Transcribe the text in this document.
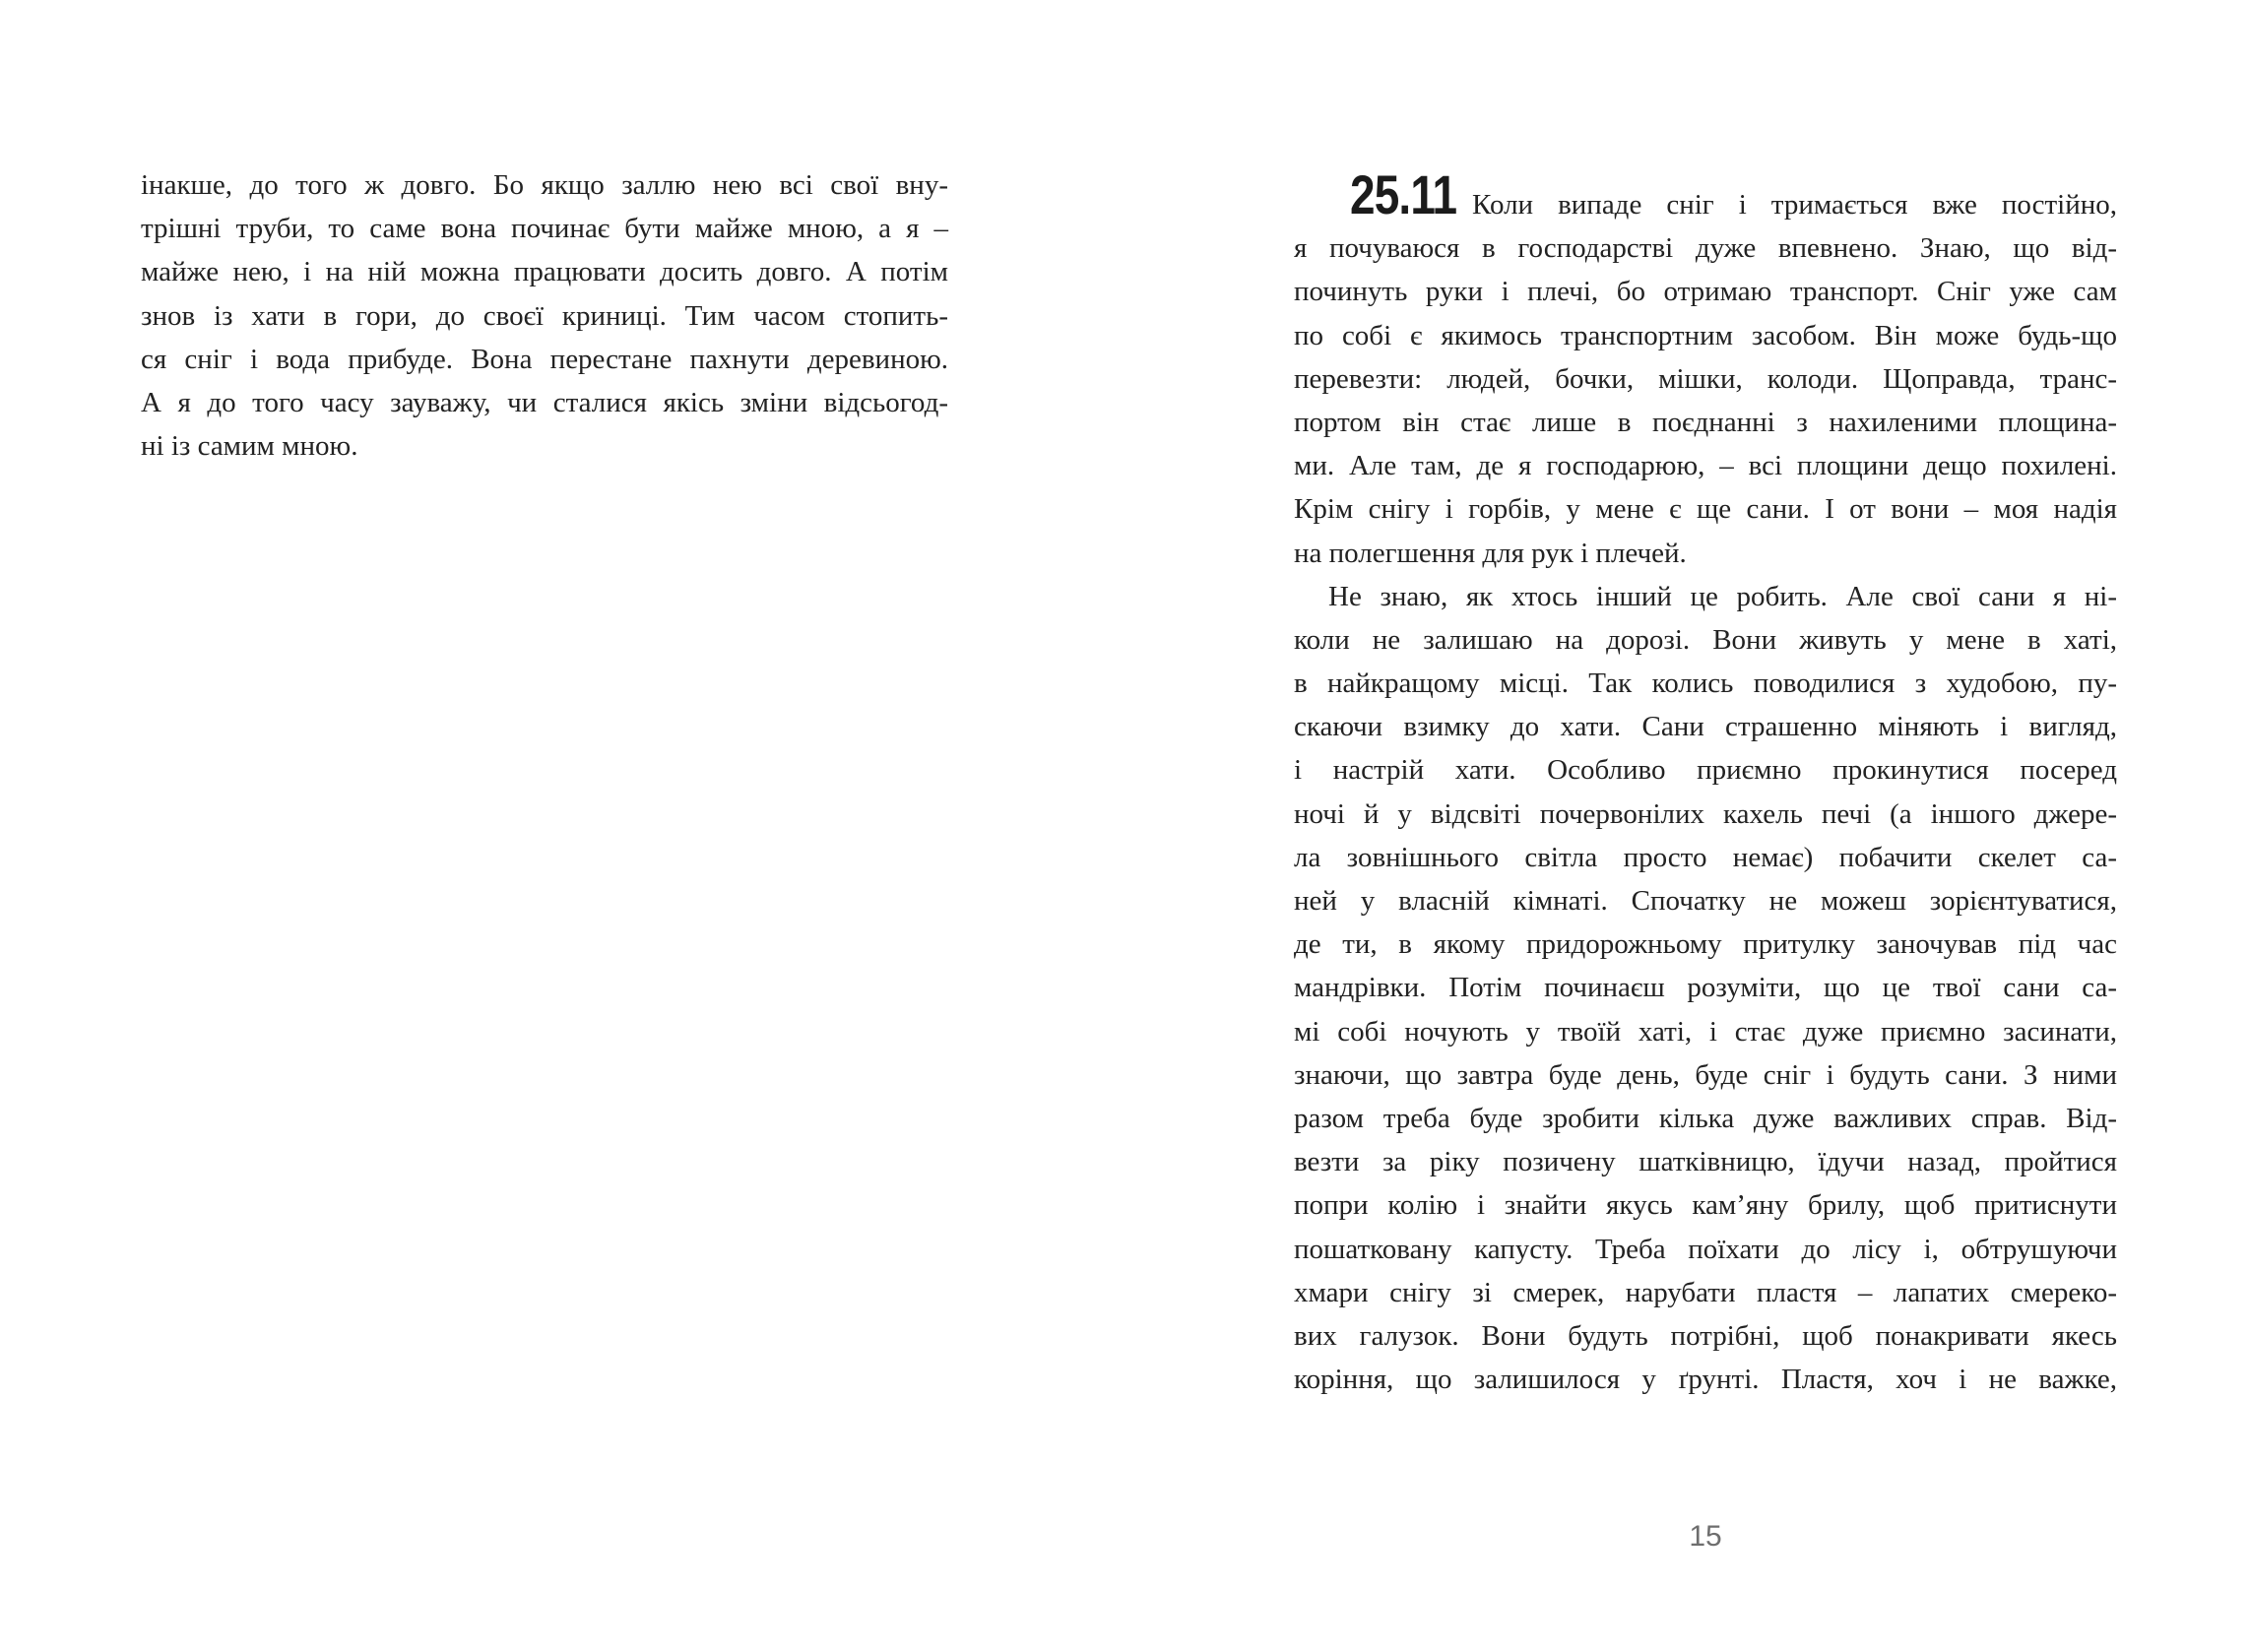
інакше, до того ж довго. Бо якщо заллю нею всі свої вну-
трішні труби, то саме вона починає бути майже мною, а я –
майже нею, і на ній можна працювати досить довго. А потім
знов із хати в гори, до своєї криниці. Тим часом стопить-
ся сніг і вода прибуде. Вона перестане пахнути деревиною.
А я до того часу зауважу, чи сталися якісь зміни відсьогод-
ні із самим мною.
25.11 Коли випаде сніг і тримається вже постійно,
я почуваюся в господарстві дуже впевнено. Знаю, що від-
починуть руки і плечі, бо отримаю транспорт. Сніг уже сам
по собі є якимось транспортним засобом. Він може будь-що
перевезти: людей, бочки, мішки, колоди. Щоправда, транс-
портом він стає лише в поєднанні з нахиленими площина-
ми. Але там, де я господарюю, – всі площини дещо похилені.
Крім снігу і горбів, у мене є ще сани. І от вони – моя надія
на полегшення для рук і плечей.
Не знаю, як хтось інший це робить. Але свої сани я ні-
коли не залишаю на дорозі. Вони живуть у мене в хаті,
в найкращому місці. Так колись поводилися з худобою, пу-
скаючи взимку до хати. Сани страшенно міняють і вигляд,
і настрій хати. Особливо приємно прокинутися посеред
ночі й у відсвіті почервонілих кахель печі (а іншого джере-
ла зовнішнього світла просто немає) побачити скелет са-
ней у власній кімнаті. Спочатку не можеш зорієнтуватися,
де ти, в якому придорожньому притулку заночував під час
мандрівки. Потім починаєш розуміти, що це твої сани са-
мі собі ночують у твоїй хаті, і стає дуже приємно засинати,
знаючи, що завтра буде день, буде сніг і будуть сани. З ними
разом треба буде зробити кілька дуже важливих справ. Від-
везти за ріку позичену шатківницю, їдучи назад, пройтися
попри колію і знайти якусь кам’яну брилу, щоб притиснути
пошатковану капусту. Треба поїхати до лісу і, обтрушуючи
хмари снігу зі смерек, нарубати пластя – лапатих смереко-
вих галузок. Вони будуть потрібні, щоб понакривати якесь
коріння, що залишилося у ґрунті. Пластя, хоч і не важке,
15
